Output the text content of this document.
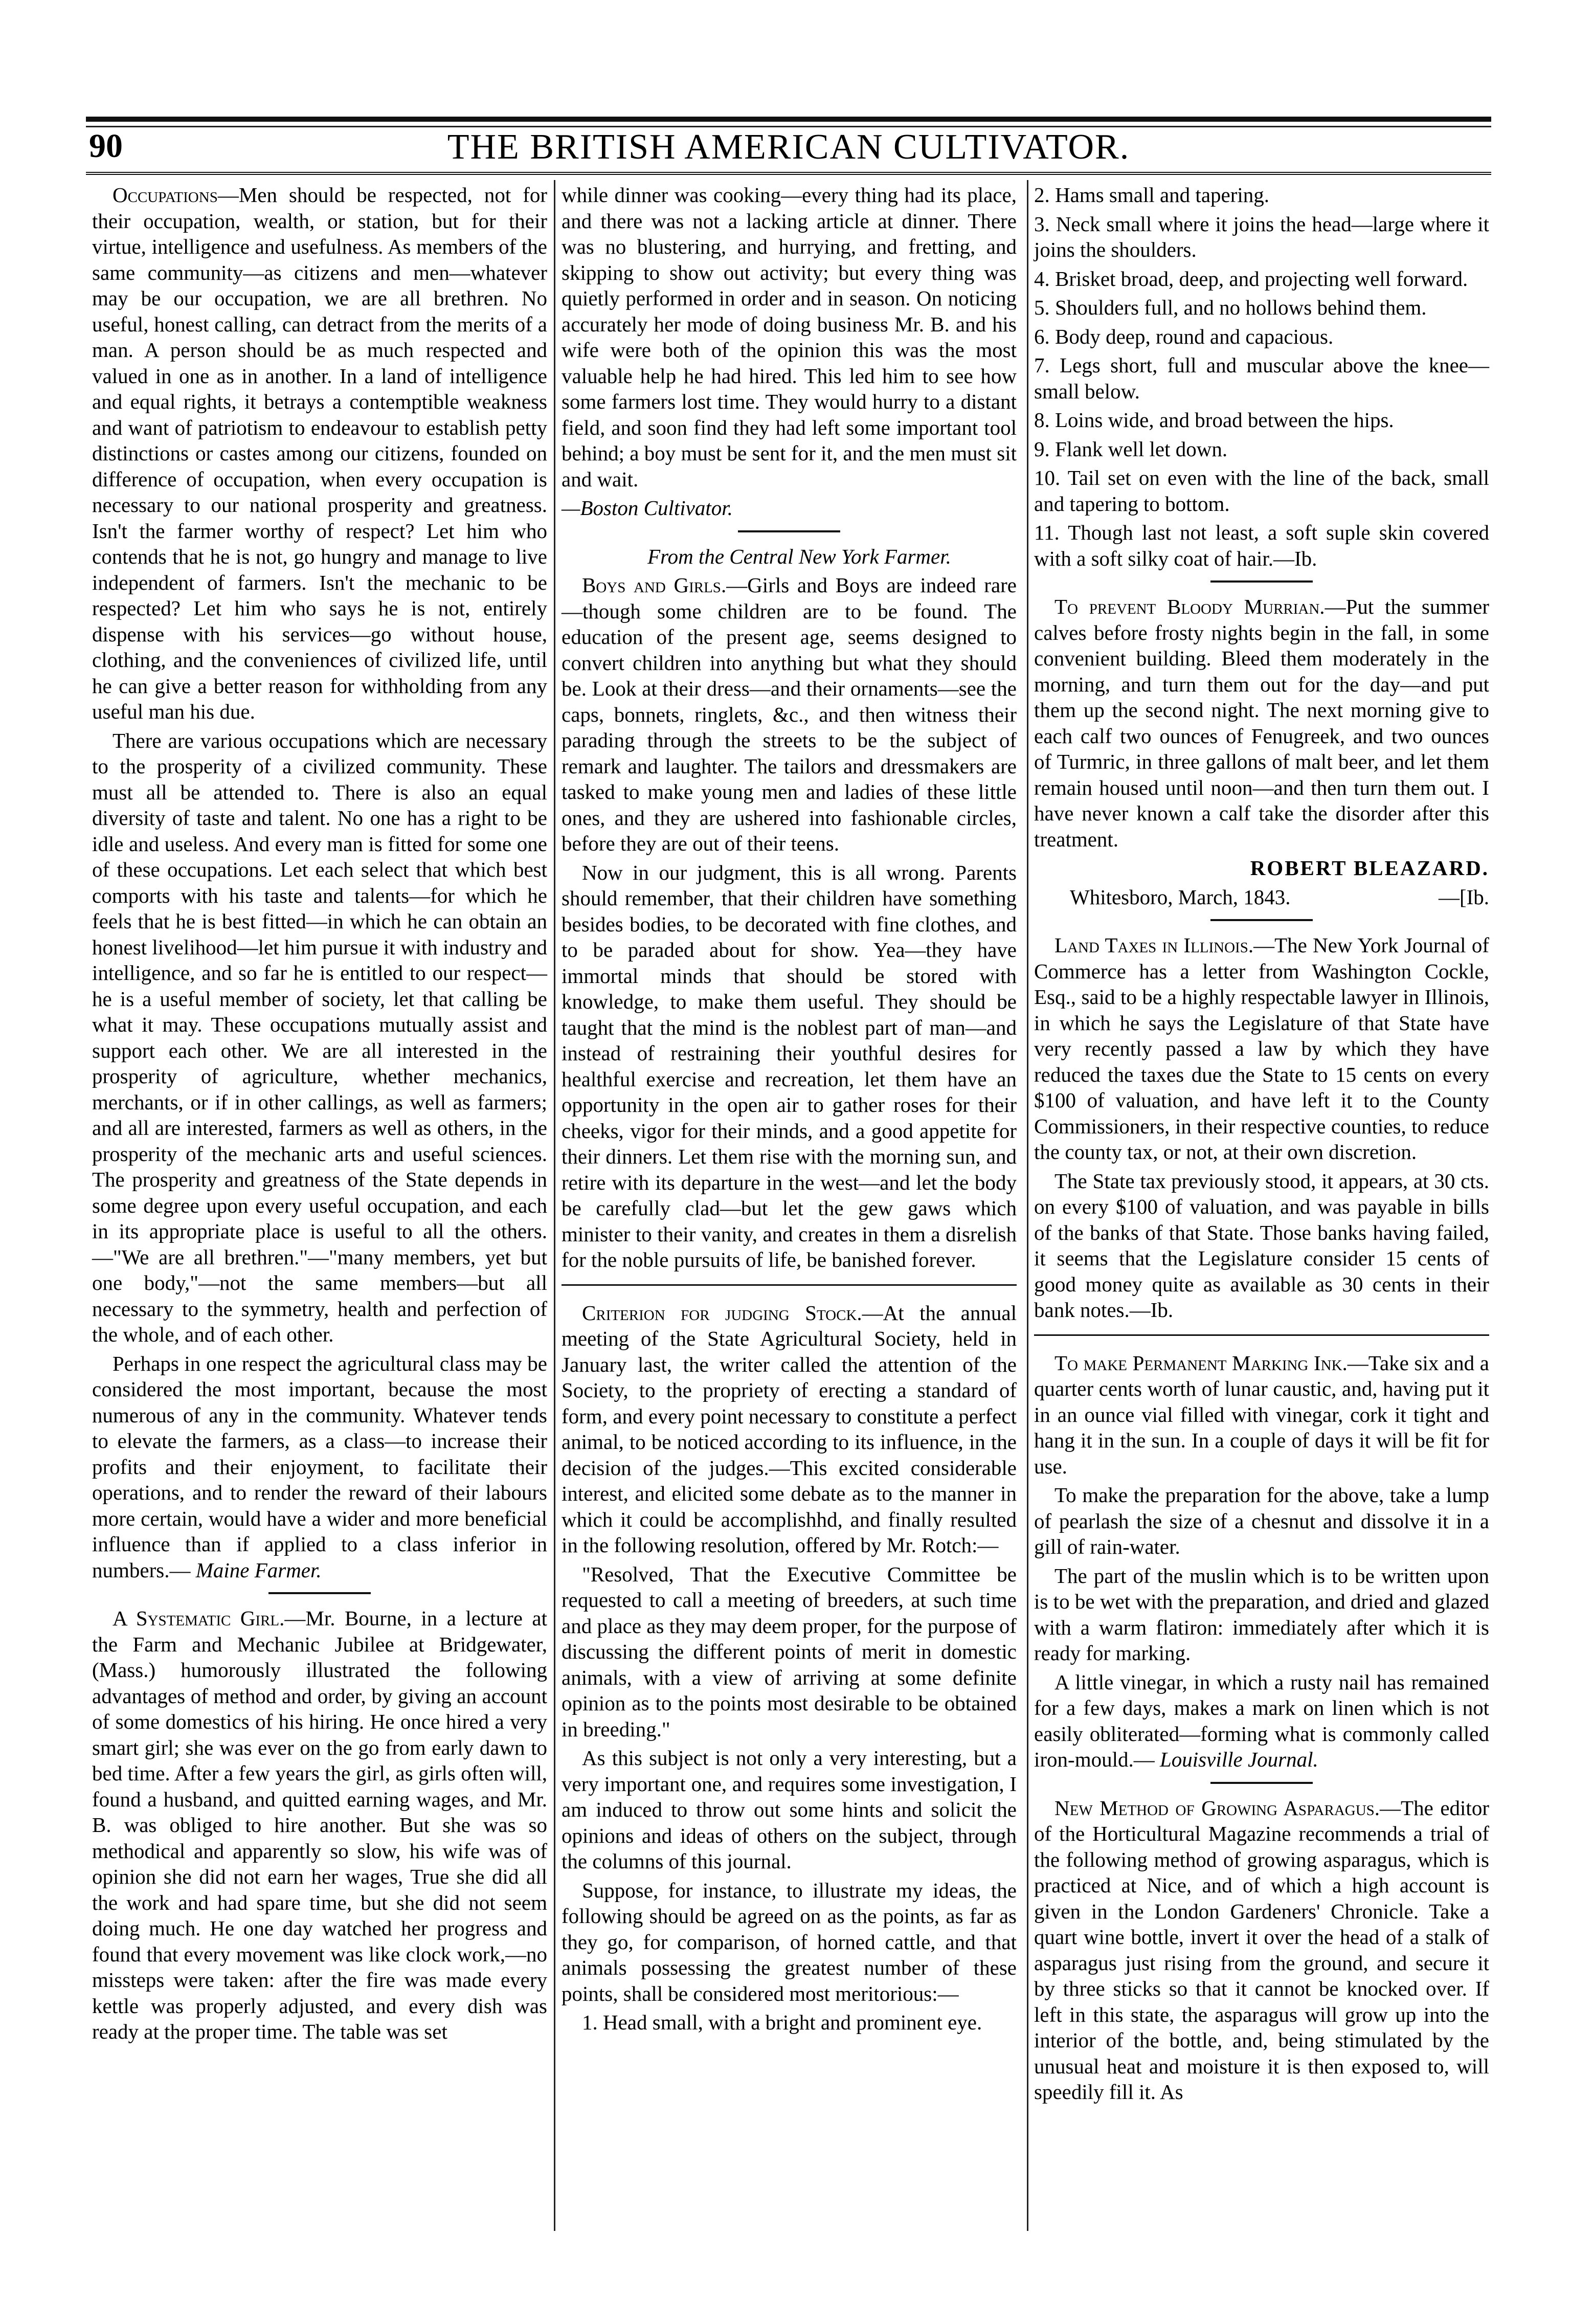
90	THE BRITISH AMERICAN CULTIVATOR.

Occupations—Men should be respected, not for their occupation, wealth, or station, but for their virtue, intelligence and usefulness. As members of the same community—as citizens and men—whatever may be our occupation, we are all brethren. No useful, honest calling, can detract from the merits of a man. A person should be as much respected and valued in one as in another. In a land of intelligence and equal rights, it betrays a contemptible weakness and want of patriotism to endeavour to establish petty distinctions or castes among our citizens, founded on difference of occupation, when every occupation is necessary to our national prosperity and greatness. Isn't the farmer worthy of respect? Let him who contends that he is not, go hungry and manage to live independent of farmers. Isn't the mechanic to be respected? Let him who says he is not, entirely dispense with his services—go without house, clothing, and the conveniences of civilized life, until he can give a better reason for withholding from any useful man his due.

There are various occupations which are necessary to the prosperity of a civilized community. These must all be attended to. There is also an equal diversity of taste and talent. No one has a right to be idle and useless. And every man is fitted for some one of these occupations. Let each select that which best comports with his taste and talents—for which he feels that he is best fitted—in which he can obtain an honest livelihood—let him pursue it with industry and intelligence, and so far he is entitled to our respect—he is a useful member of society, let that calling be what it may. These occupations mutually assist and support each other. We are all interested in the prosperity of agriculture, whether mechanics, merchants, or if in other callings, as well as farmers; and all are interested, farmers as well as others, in the prosperity of the mechanic arts and useful sciences. The prosperity and greatness of the State depends in some degree upon every useful occupation, and each in its appropriate place is useful to all the others.—"We are all brethren."—"many members, yet but one body,"—not the same members—but all necessary to the symmetry, health and perfection of the whole, and of each other.

Perhaps in one respect the agricultural class may be considered the most important, because the most numerous of any in the community. Whatever tends to elevate the farmers, as a class—to increase their profits and their enjoyment, to facilitate their operations, and to render the reward of their labours more certain, would have a wider and more beneficial influence than if applied to a class inferior in numbers.— Maine Farmer.

A Systematic Girl.—Mr. Bourne, in a lecture at the Farm and Mechanic Jubilee at Bridgewater, (Mass.) humorously illustrated the following advantages of method and order, by giving an account of some domestics of his hiring. He once hired a very smart girl; she was ever on the go from early dawn to bed time. After a few years the girl, as girls often will, found a husband, and quitted earning wages, and Mr. B. was obliged to hire another. But she was so methodical and apparently so slow, his wife was of opinion she did not earn her wages, True she did all the work and had spare time, but she did not seem doing much. He one day watched her progress and found that every movement was like clock work,—no missteps were taken: after the fire was made every kettle was properly adjusted, and every dish was ready at the proper time. The table was set

while dinner was cooking—every thing had its place, and there was not a lacking article at dinner. There was no blustering, and hurrying, and fretting, and skipping to show out activity; but every thing was quietly performed in order and in season. On noticing accurately her mode of doing business Mr. B. and his wife were both of the opinion this was the most valuable help he had hired. This led him to see how some farmers lost time. They would hurry to a distant field, and soon find they had left some important tool behind; a boy must be sent for it, and the men must sit and wait.

—Boston Cultivator.

From the Central New York Farmer.

Boys and Girls.—Girls and Boys are indeed rare—though some children are to be found. The education of the present age, seems designed to convert children into anything but what they should be. Look at their dress—and their ornaments—see the caps, bonnets, ringlets, &c., and then witness their parading through the streets to be the subject of remark and laughter. The tailors and dressmakers are tasked to make young men and ladies of these little ones, and they are ushered into fashionable circles, before they are out of their teens.

Now in our judgment, this is all wrong. Parents should remember, that their children have something besides bodies, to be decorated with fine clothes, and to be paraded about for show. Yea—they have immortal minds that should be stored with knowledge, to make them useful. They should be taught that the mind is the noblest part of man—and instead of restraining their youthful desires for healthful exercise and recreation, let them have an opportunity in the open air to gather roses for their cheeks, vigor for their minds, and a good appetite for their dinners. Let them rise with the morning sun, and retire with its departure in the west—and let the body be carefully clad—but let the gew gaws which minister to their vanity, and creates in them a disrelish for the noble pursuits of life, be banished forever.

Criterion for judging Stock.—At the annual meeting of the State Agricultural Society, held in January last, the writer called the attention of the Society, to the propriety of erecting a standard of form, and every point necessary to constitute a perfect animal, to be noticed according to its influence, in the decision of the judges.—This excited considerable interest, and elicited some debate as to the manner in which it could be accomplishhd, and finally resulted in the following resolution, offered by Mr. Rotch:—

"Resolved, That the Executive Committee be requested to call a meeting of breeders, at such time and place as they may deem proper, for the purpose of discussing the different points of merit in domestic animals, with a view of arriving at some definite opinion as to the points most desirable to be obtained in breeding."

As this subject is not only a very interesting, but a very important one, and requires some investigation, I am induced to throw out some hints and solicit the opinions and ideas of others on the subject, through the columns of this journal.

Suppose, for instance, to illustrate my ideas, the following should be agreed on as the points, as far as they go, for comparison, of horned cattle, and that animals possessing the greatest number of these points, shall be considered most meritorious:—

1. Head small, with a bright and prominent eye.

2. Hams small and tapering.

3. Neck small where it joins the head—large where it joins the shoulders.

4. Brisket broad, deep, and projecting well forward.

5. Shoulders full, and no hollows behind them.

6. Body deep, round and capacious.

7. Legs short, full and muscular above the knee—small below.

8. Loins wide, and broad between the hips.

9. Flank well let down.

10. Tail set on even with the line of the back, small and tapering to bottom.

11. Though last not least, a soft suple skin covered with a soft silky coat of hair.—Ib.

To prevent Bloody Murrian.—Put the summer calves before frosty nights begin in the fall, in some convenient building. Bleed them moderately in the morning, and turn them out for the day—and put them up the second night. The next morning give to each calf two ounces of Fenugreek, and two ounces of Turmric, in three gallons of malt beer, and let them remain housed until noon—and then turn them out. I have never known a calf take the disorder after this treatment.

ROBERT BLEAZARD.

Whitesboro, March, 1843.	—[Ib.

Land Taxes in Illinois.—The New York Journal of Commerce has a letter from Washington Cockle, Esq., said to be a highly respectable lawyer in Illinois, in which he says the Legislature of that State have very recently passed a law by which they have reduced the taxes due the State to 15 cents on every $100 of valuation, and have left it to the County Commissioners, in their respective counties, to reduce the county tax, or not, at their own discretion.

The State tax previously stood, it appears, at 30 cts. on every $100 of valuation, and was payable in bills of the banks of that State. Those banks having failed, it seems that the Legislature consider 15 cents of good money quite as available as 30 cents in their bank notes.—Ib.

To make Permanent Marking Ink.—Take six and a quarter cents worth of lunar caustic, and, having put it in an ounce vial filled with vinegar, cork it tight and hang it in the sun. In a couple of days it will be fit for use.

To make the preparation for the above, take a lump of pearlash the size of a chesnut and dissolve it in a gill of rain-water.

The part of the muslin which is to be written upon is to be wet with the preparation, and dried and glazed with a warm flatiron: immediately after which it is ready for marking.

A little vinegar, in which a rusty nail has remained for a few days, makes a mark on linen which is not easily obliterated—forming what is commonly called iron-mould.— Louisville Journal.

New Method of Growing Asparagus.—The editor of the Horticultural Magazine recommends a trial of the following method of growing asparagus, which is practiced at Nice, and of which a high account is given in the London Gardeners' Chronicle. Take a quart wine bottle, invert it over the head of a stalk of asparagus just rising from the ground, and secure it by three sticks so that it cannot be knocked over. If left in this state, the asparagus will grow up into the interior of the bottle, and, being stimulated by the unusual heat and moisture it is then exposed to, will speedily fill it. As
